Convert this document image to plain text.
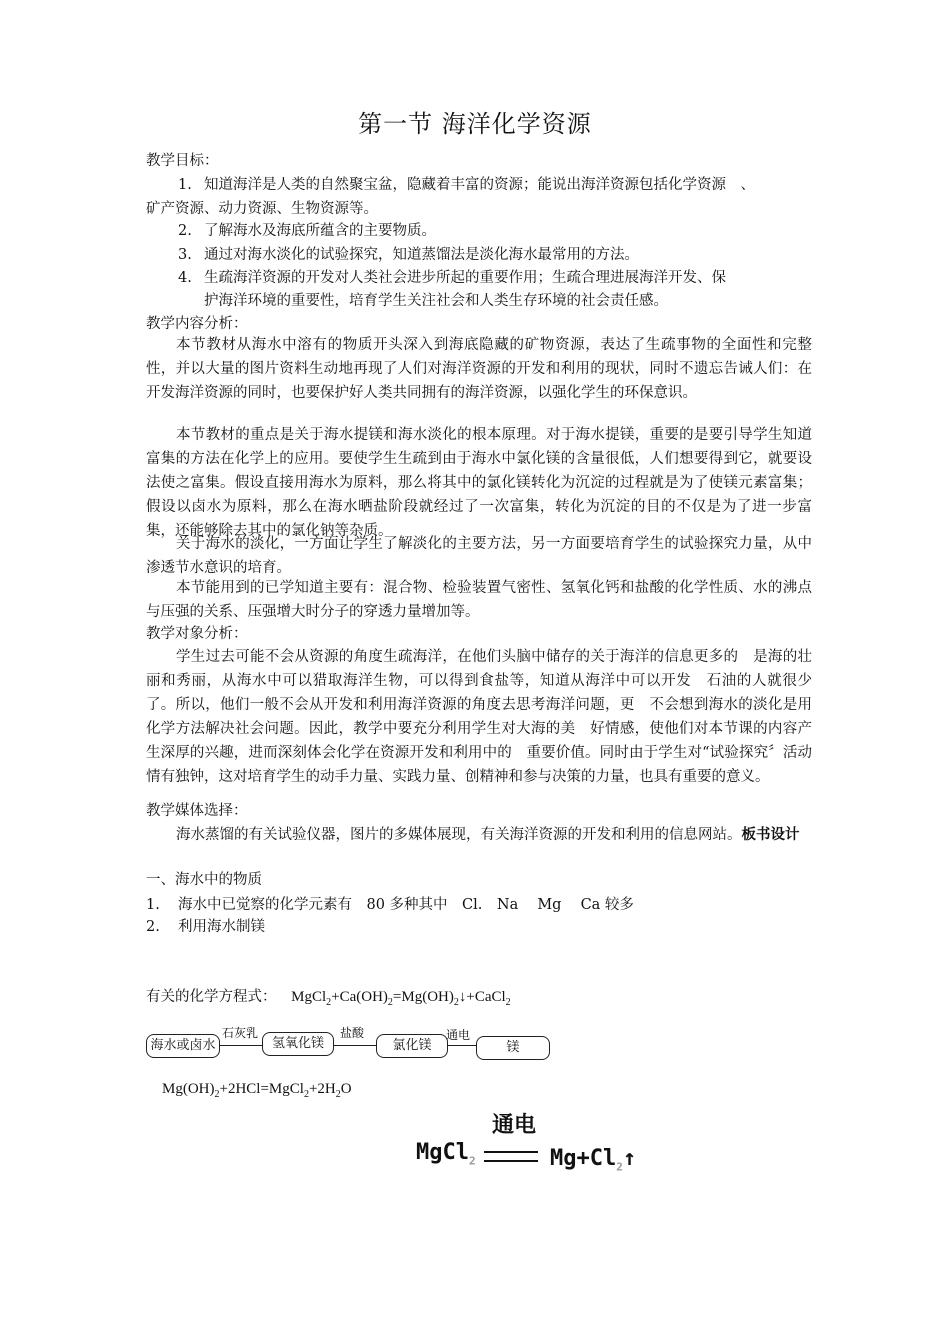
第一节 海洋化学资源
教学目标：
1. 知道海洋是人类的自然聚宝盆，隐藏着丰富的资源；能说出海洋资源包括化学资源　、
矿产资源、动力资源、生物资源等。
2. 了解海水及海底所蕴含的主要物质。
3. 通过对海水淡化的试验探究，知道蒸馏法是淡化海水最常用的方法。
4. 生疏海洋资源的开发对人类社会进步所起的重要作用；生疏合理进展海洋开发、保
护海洋环境的重要性，培育学生关注社会和人类生存环境的社会责任感。
教学内容分析：
本节教材从海水中溶有的物质开头深入到海底隐藏的矿物资源，表达了生疏事物的全面性和完整性，并以大量的图片资料生动地再现了人们对海洋资源的开发和利用的现状，同时不遗忘告诫人们：在开发海洋资源的同时，也要保护好人类共同拥有的海洋资源，以强化学生的环保意识。
本节教材的重点是关于海水提镁和海水淡化的根本原理。对于海水提镁，重要的是要引导学生知道富集的方法在化学上的应用。要使学生生疏到由于海水中氯化镁的含量很低，人们想要得到它，就要设法使之富集。假设直接用海水为原料，那么将其中的氯化镁转化为沉淀的过程就是为了使镁元素富集；假设以卤水为原料，那么在海水晒盐阶段就经过了一次富集，转化为沉淀的目的不仅是为了进一步富集，还能够除去其中的氯化钠等杂质。
关于海水的淡化，一方面让学生了解淡化的主要方法，另一方面要培育学生的试验探究力量，从中渗透节水意识的培育。
本节能用到的已学知道主要有：混合物、检验装置气密性、氢氧化钙和盐酸的化学性质、水的沸点与压强的关系、压强增大时分子的穿透力量增加等。
教学对象分析：
学生过去可能不会从资源的角度生疏海洋，在他们头脑中储存的关于海洋的信息更多的　是海的壮丽和秀丽，从海水中可以猎取海洋生物，可以得到食盐等，知道从海洋中可以开发　石油的人就很少了。所以，他们一般不会从开发和利用海洋资源的角度去思考海洋问题，更　不会想到海水的淡化是用化学方法解决社会问题。因此，教学中要充分利用学生对大海的美　好情感，使他们对本节课的内容产生深厚的兴趣，进而深刻体会化学在资源开发和利用中的　重要价值。同时由于学生对“试验探究〞活动情有独钟，这对培育学生的动手力量、实践力量、创精神和参与决策的力量，也具有重要的意义。
教学媒体选择：
海水蒸馏的有关试验仪器，图片的多媒体展现，有关海洋资源的开发和利用的信息网站。板书设计
一、海水中的物质
1. 海水中已觉察的化学元素有　80 多种其中　Cl.　Na　 Mg　 Ca 较多
2. 利用海水制镁
有关的化学方程式： $MgCl_2+Ca(OH)_2=Mg(OH)_2↓+CaCl_2$
海水或卤水
石灰乳
氢氧化镁
盐酸
氯化镁
通电
镁
$Mg(OH)_2+2HCl=MgCl_2+2H_2O$
MgCl$_2$
通电
$Mg+Cl_2↑$
